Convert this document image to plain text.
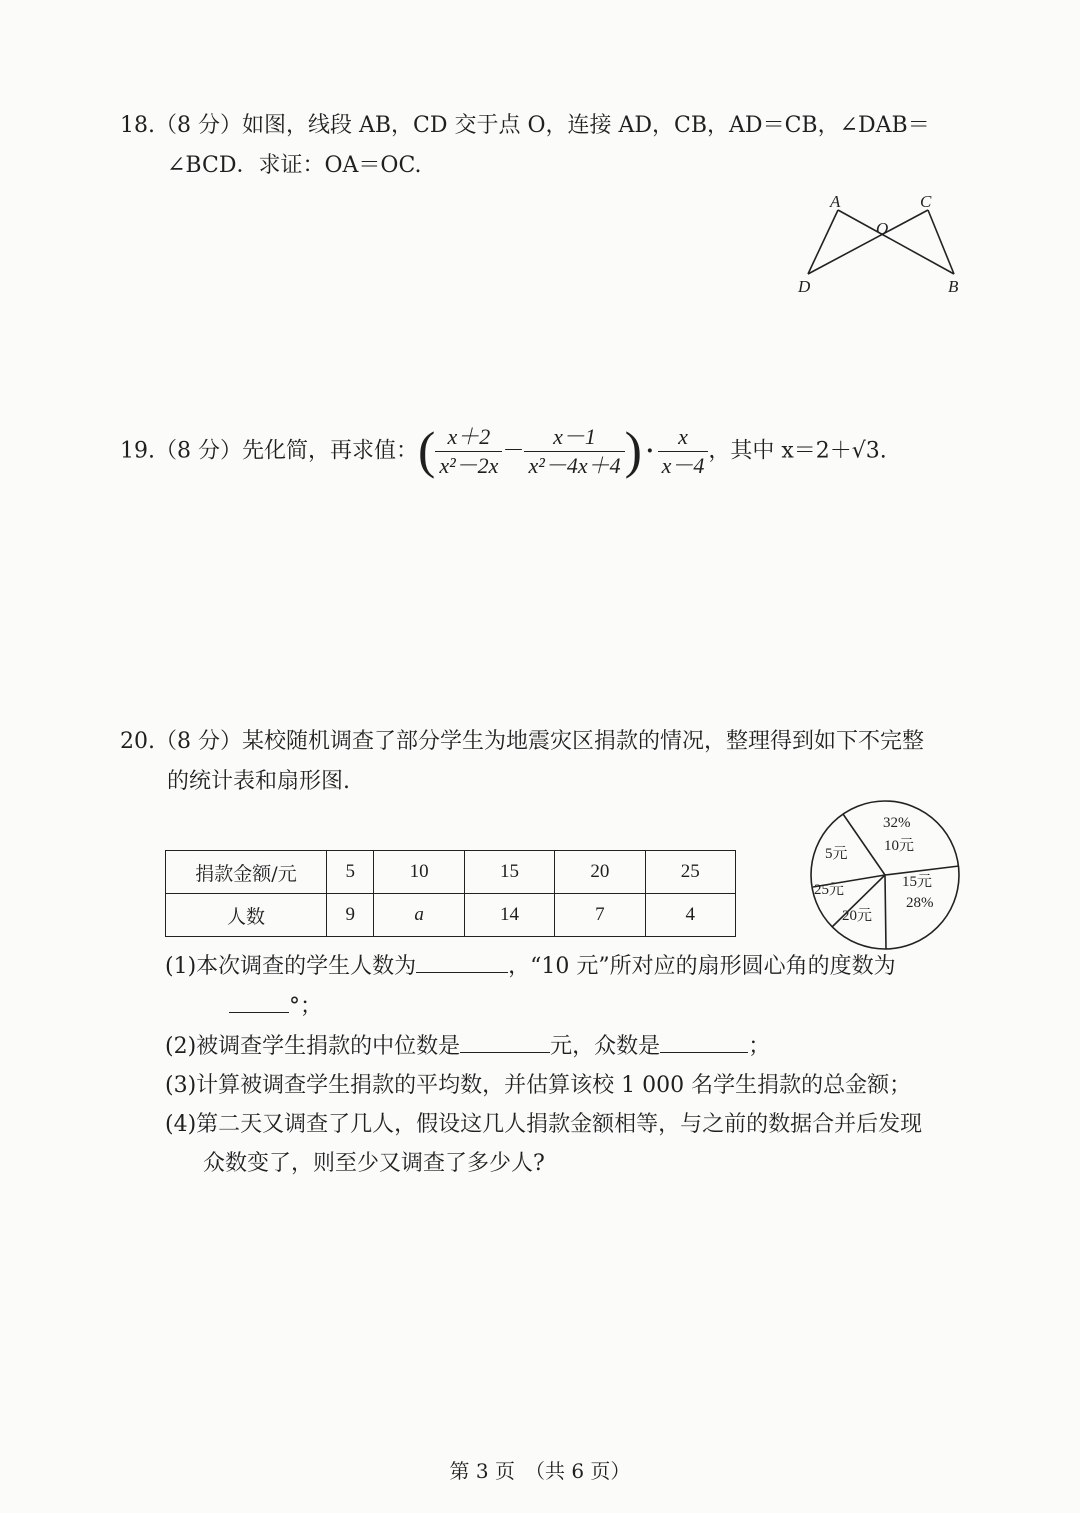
18.（8 分）如图，线段 AB，CD 交于点 O，连接 AD，CB，AD＝CB，∠DAB＝
∠BCD．求证：OA＝OC.
A	C
O
D	B
19.（8 分）先化简，再求值：( $\frac{x+2}{\text{x²－2x}} - \frac{x-1}{\text{x²－4x＋4}}$ ) · $\frac{x}{x-4}$ ，其中 x＝2＋√3.
20.（8 分）某校随机调查了部分学生为地震灾区捐款的情况，整理得到如下不完整
的统计表和扇形图.
捐款金额/元	5	10	15	20	25
人数	9	a	14	7	4
32%
10元
5元
15元
28%
25元
20元
(1)本次调查的学生人数为	，“10 元”所对应的扇形圆心角的度数为
°；
(2)被调查学生捐款的中位数是	元，众数是	；
(3)计算被调查学生捐款的平均数，并估算该校 1 000 名学生捐款的总金额；
(4)第二天又调查了几人，假设这几人捐款金额相等，与之前的数据合并后发现
众数变了，则至少又调查了多少人?
第 3 页　（共 6 页）
